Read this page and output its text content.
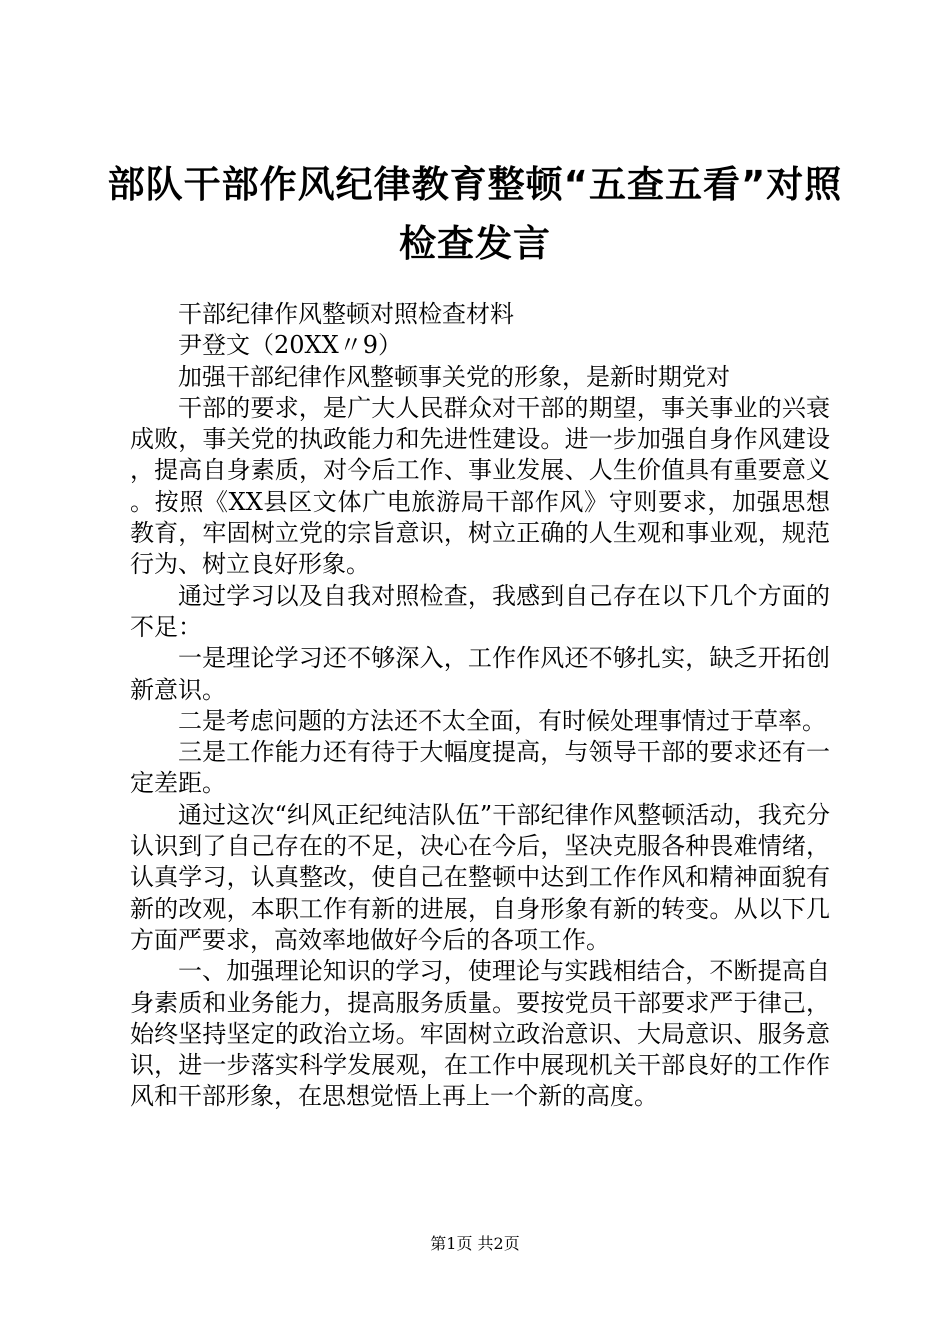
部队干部作风纪律教育整顿“五查五看”对照
检查发言

干部纪律作风整顿对照检查材料

尹登文（20XX〃9）

加强干部纪律作风整顿事关党的形象，是新时期党对

干部的要求，是广大人民群众对干部的期望，事关事业的兴衰成败，事关党的执政能力和先进性建设。进一步加强自身作风建设，提高自身素质，对今后工作、事业发展、人生价值具有重要意义。按照《XX县区文体广电旅游局干部作风》守则要求，加强思想教育，牢固树立党的宗旨意识，树立正确的人生观和事业观，规范行为、树立良好形象。

通过学习以及自我对照检查，我感到自己存在以下几个方面的不足：

一是理论学习还不够深入，工作作风还不够扎实，缺乏开拓创新意识。

二是考虑问题的方法还不太全面，有时候处理事情过于草率。

三是工作能力还有待于大幅度提高，与领导干部的要求还有一定差距。

通过这次“纠风正纪纯洁队伍”干部纪律作风整顿活动，我充分认识到了自己存在的不足，决心在今后，坚决克服各种畏难情绪，认真学习，认真整改，使自己在整顿中达到工作作风和精神面貌有新的改观，本职工作有新的进展，自身形象有新的转变。从以下几方面严要求，高效率地做好今后的各项工作。

一、加强理论知识的学习，使理论与实践相结合，不断提高自身素质和业务能力，提高服务质量。要按党员干部要求严于律己，始终坚持坚定的政治立场。牢固树立政治意识、大局意识、服务意识，进一步落实科学发展观，在工作中展现机关干部良好的工作作风和干部形象，在思想觉悟上再上一个新的高度。

第1页 共2页
